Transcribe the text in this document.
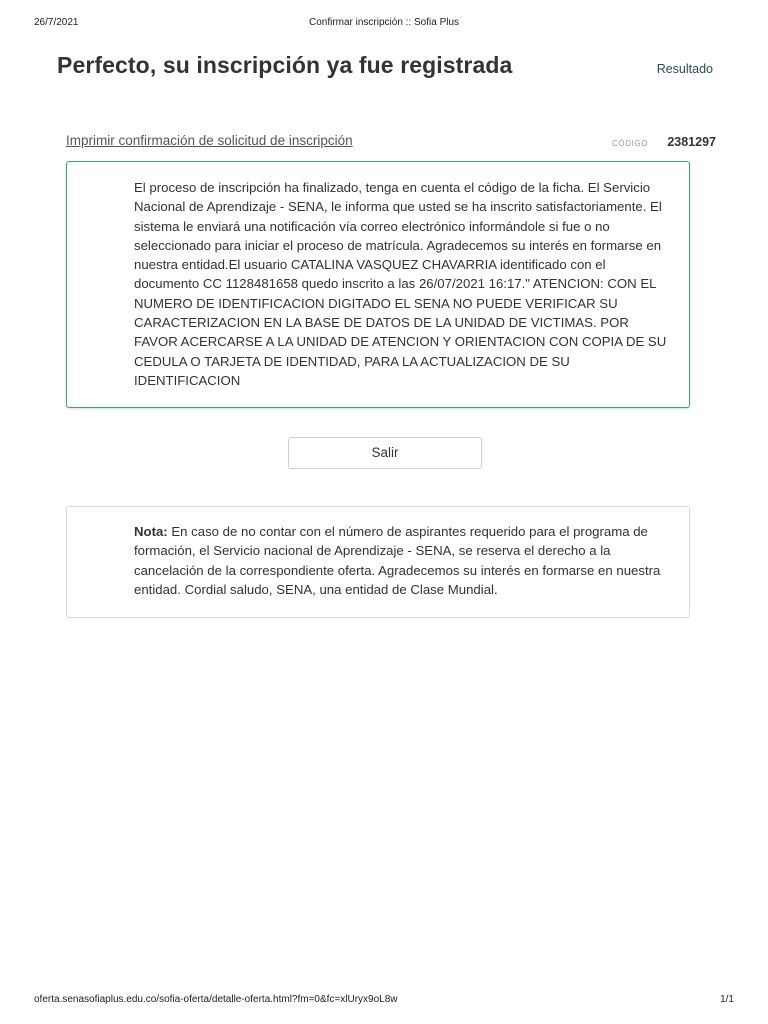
26/7/2021	Confirmar inscripción :: Sofia Plus
Perfecto, su inscripción ya fue registrada	Resultado
Imprimir confirmación de solicitud de inscripción	CÓDIGO 2381297
El proceso de inscripción ha finalizado, tenga en cuenta el código de la ficha. El Servicio Nacional de Aprendizaje - SENA, le informa que usted se ha inscrito satisfactoriamente. El sistema le enviará una notificación vía correo electrónico informándole si fue o no seleccionado para iniciar el proceso de matrícula. Agradecemos su interés en formarse en nuestra entidad.El usuario CATALINA VASQUEZ CHAVARRIA identificado con el documento CC 1128481658 quedo inscrito a las 26/07/2021 16:17." ATENCION: CON EL NUMERO DE IDENTIFICACION DIGITADO EL SENA NO PUEDE VERIFICAR SU CARACTERIZACION EN LA BASE DE DATOS DE LA UNIDAD DE VICTIMAS. POR FAVOR ACERCARSE A LA UNIDAD DE ATENCION Y ORIENTACION CON COPIA DE SU CEDULA O TARJETA DE IDENTIDAD, PARA LA ACTUALIZACION DE SU IDENTIFICACION
Salir
Nota: En caso de no contar con el número de aspirantes requerido para el programa de formación, el Servicio nacional de Aprendizaje - SENA, se reserva el derecho a la cancelación de la correspondiente oferta. Agradecemos su interés en formarse en nuestra entidad. Cordial saludo, SENA, una entidad de Clase Mundial.
oferta.senasofiaplus.edu.co/sofia-oferta/detalle-oferta.html?fm=0&fc=xlUryx9oL8w	1/1
